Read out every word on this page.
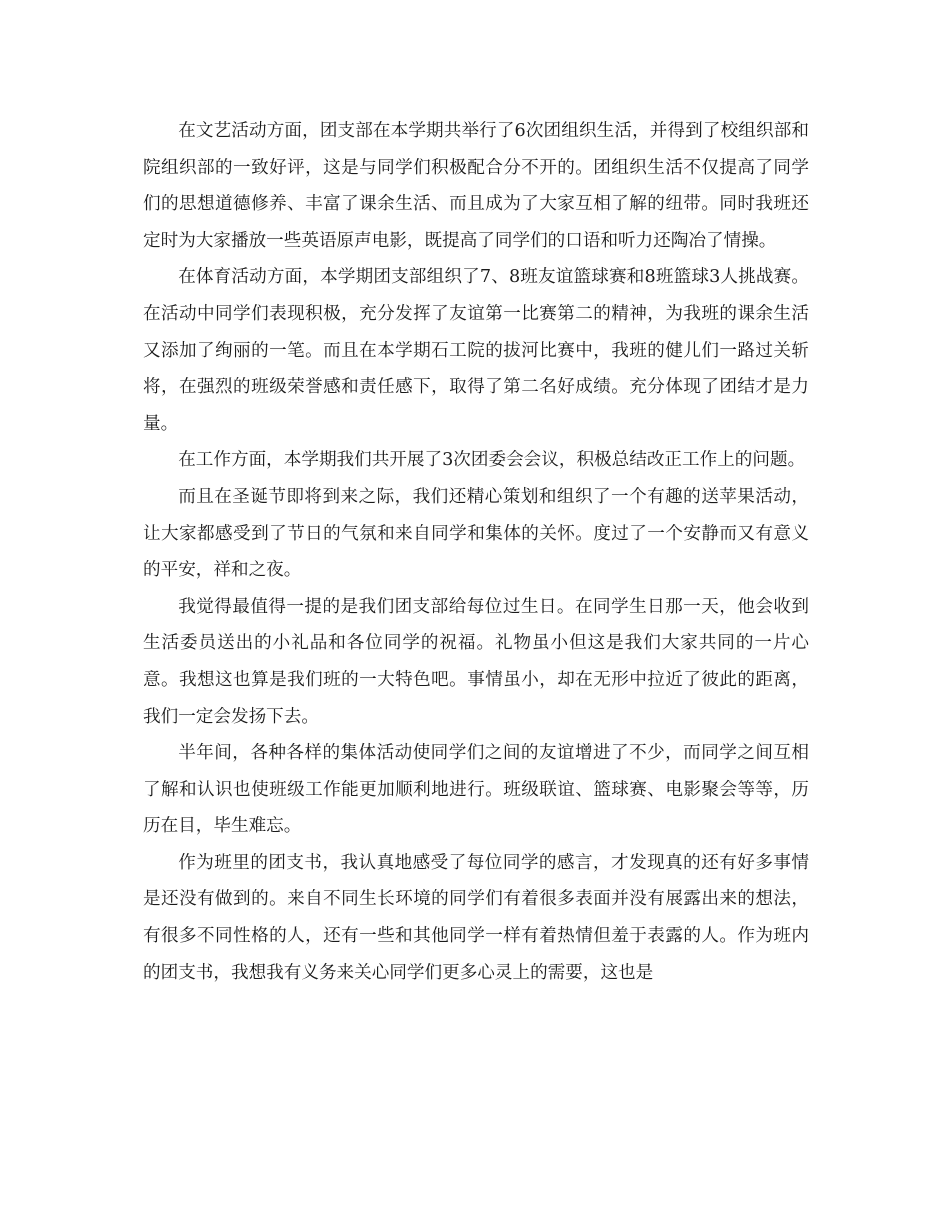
在文艺活动方面，团支部在本学期共举行了6次团组织生活，并得到了校组织部和院组织部的一致好评，这是与同学们积极配合分不开的。团组织生活不仅提高了同学们的思想道德修养、丰富了课余生活、而且成为了大家互相了解的纽带。同时我班还定时为大家播放一些英语原声电影，既提高了同学们的口语和听力还陶冶了情操。

在体育活动方面，本学期团支部组织了7、8班友谊篮球赛和8班篮球3人挑战赛。在活动中同学们表现积极，充分发挥了友谊第一比赛第二的精神，为我班的课余生活又添加了绚丽的一笔。而且在本学期石工院的拔河比赛中，我班的健儿们一路过关斩将，在强烈的班级荣誉感和责任感下，取得了第二名好成绩。充分体现了团结才是力量。

在工作方面，本学期我们共开展了3次团委会会议，积极总结改正工作上的问题。

而且在圣诞节即将到来之际，我们还精心策划和组织了一个有趣的送苹果活动，让大家都感受到了节日的气氛和来自同学和集体的关怀。度过了一个安静而又有意义的平安，祥和之夜。

我觉得最值得一提的是我们团支部给每位过生日。在同学生日那一天，他会收到生活委员送出的小礼品和各位同学的祝福。礼物虽小但这是我们大家共同的一片心意。我想这也算是我们班的一大特色吧。事情虽小，却在无形中拉近了彼此的距离，我们一定会发扬下去。

半年间，各种各样的集体活动使同学们之间的友谊增进了不少，而同学之间互相了解和认识也使班级工作能更加顺利地进行。班级联谊、篮球赛、电影聚会等等，历历在目，毕生难忘。

作为班里的团支书，我认真地感受了每位同学的感言，才发现真的还有好多事情是还没有做到的。来自不同生长环境的同学们有着很多表面并没有展露出来的想法，有很多不同性格的人，还有一些和其他同学一样有着热情但羞于表露的人。作为班内的团支书，我想我有义务来关心同学们更多心灵上的需要，这也是
